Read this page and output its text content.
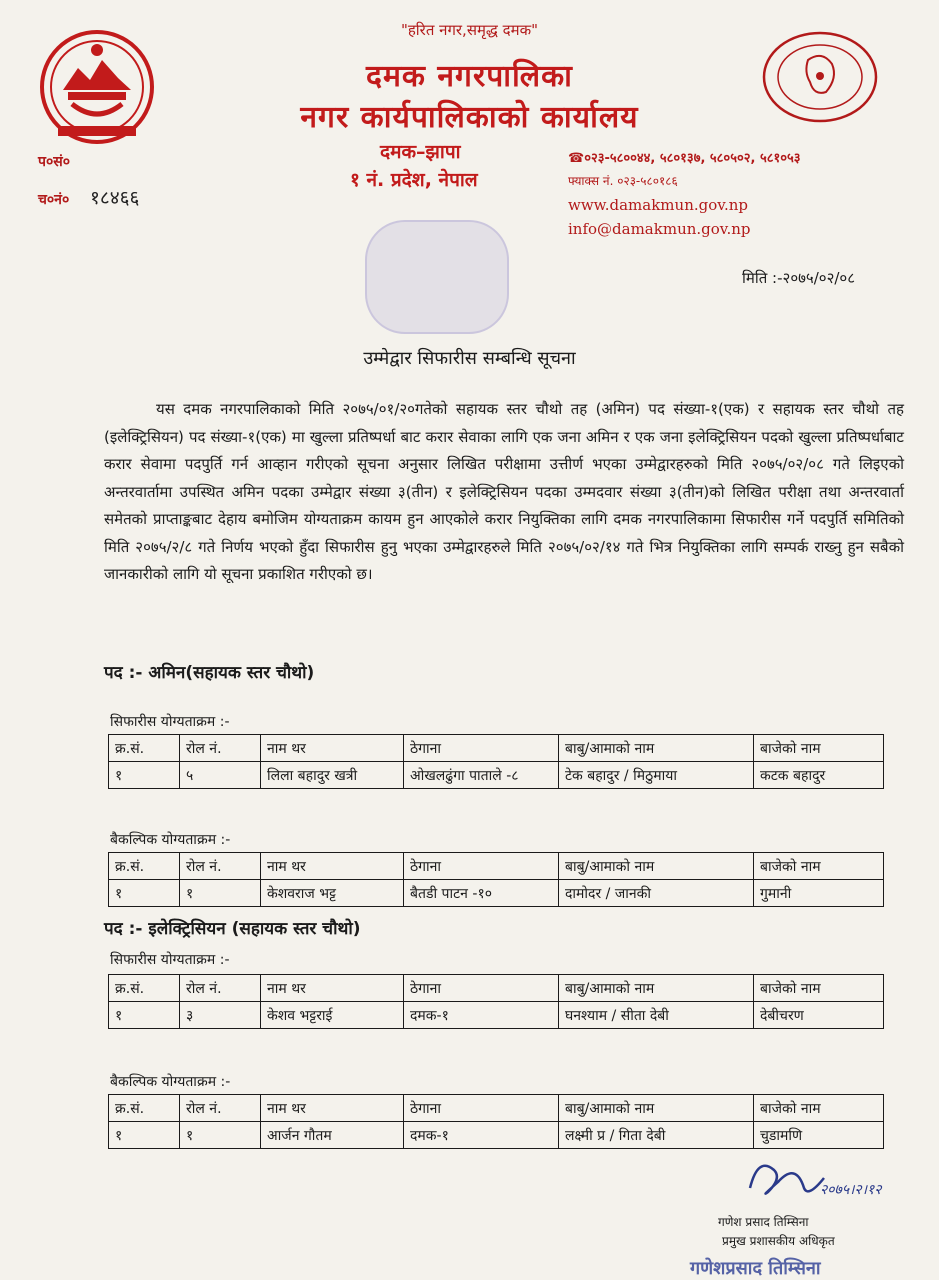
"हरित नगर,समृद्ध दमक"
दमक नगरपालिका
नगर कार्यपालिकाको कार्यालय
दमक–झापा
१ नं. प्रदेश, नेपाल
☎०२३-५८००४४, ५८०१३७, ५८०५०२, ५८१०५३
फ्याक्स नं. ०२३-५८०१८६
www.damakmun.gov.np
info@damakmun.gov.np
प०सं०
च०नं० १८४६६
मिति :-२०७५/०२/०८
उम्मेद्वार सिफारीस सम्बन्धि सूचना
यस दमक नगरपालिकाको मिति २०७५/०१/२०गतेको सहायक स्तर चौथो तह (अमिन) पद संख्या-१(एक) र सहायक स्तर चौथो तह (इलेक्ट्रिसियन) पद संख्या-१(एक) मा खुल्ला प्रतिष्पर्धा बाट करार सेवाका लागि एक जना अमिन र एक जना इलेक्ट्रिसियन पदको खुल्ला प्रतिष्पर्धाबाट करार सेवामा पदपुर्ति गर्न आव्हान गरीएको सूचना अनुसार लिखित परीक्षामा उत्तीर्ण भएका उम्मेद्वारहरुको मिति २०७५/०२/०८ गते लिइएको अन्तरवार्तामा उपस्थित अमिन पदका उम्मेद्वार संख्या ३(तीन) र इलेक्ट्रिसियन पदका उम्मदवार संख्या ३(तीन)को लिखित परीक्षा तथा अन्तरवार्ता समेतको प्राप्ताङ्कबाट देहाय बमोजिम योग्यताक्रम कायम हुन आएकोले करार नियुक्तिका लागि दमक नगरपालिकामा सिफारीस गर्ने पदपुर्ति समितिको मिति २०७५/२/८ गते निर्णय भएको हुँदा सिफारीस हुनु भएका उम्मेद्वारहरुले मिति २०७५/०२/१४ गते भित्र नियुक्तिका लागि सम्पर्क राख्नु हुन सबैको जानकारीको लागि यो सूचना प्रकाशित गरीएको छ।
पद :- अमिन(सहायक स्तर चौथो)
सिफारीस योग्यताक्रम :-
क्र.सं.	रोल नं.	नाम थर	ठेगाना	बाबु/आमाको नाम	बाजेको नाम
१	५	लिला बहादुर खत्री	ओखलढुंगा पाताले -८	टेक बहादुर / मिठुमाया	कटक बहादुर
बैकल्पिक योग्यताक्रम :-
क्र.सं.	रोल नं.	नाम थर	ठेगाना	बाबु/आमाको नाम	बाजेको नाम
१	१	केशवराज भट्ट	बैतडी पाटन -१०	दामोदर / जानकी	गुमानी
पद :- इलेक्ट्रिसियन (सहायक स्तर चौथो)
सिफारीस योग्यताक्रम :-
क्र.सं.	रोल नं.	नाम थर	ठेगाना	बाबु/आमाको नाम	बाजेको नाम
१	३	केशव भट्टराई	दमक-१	घनश्याम / सीता देबी	देबीचरण
बैकल्पिक योग्यताक्रम :-
क्र.सं.	रोल नं.	नाम थर	ठेगाना	बाबु/आमाको नाम	बाजेको नाम
१	१	आर्जन गौतम	दमक-१	लक्ष्मी प्र / गिता देबी	चुडामणि
२०७५।२।१२
गणेश प्रसाद तिम्सिना
प्रमुख प्रशासकीय अधिकृत
गणेशप्रसाद तिम्सिना
